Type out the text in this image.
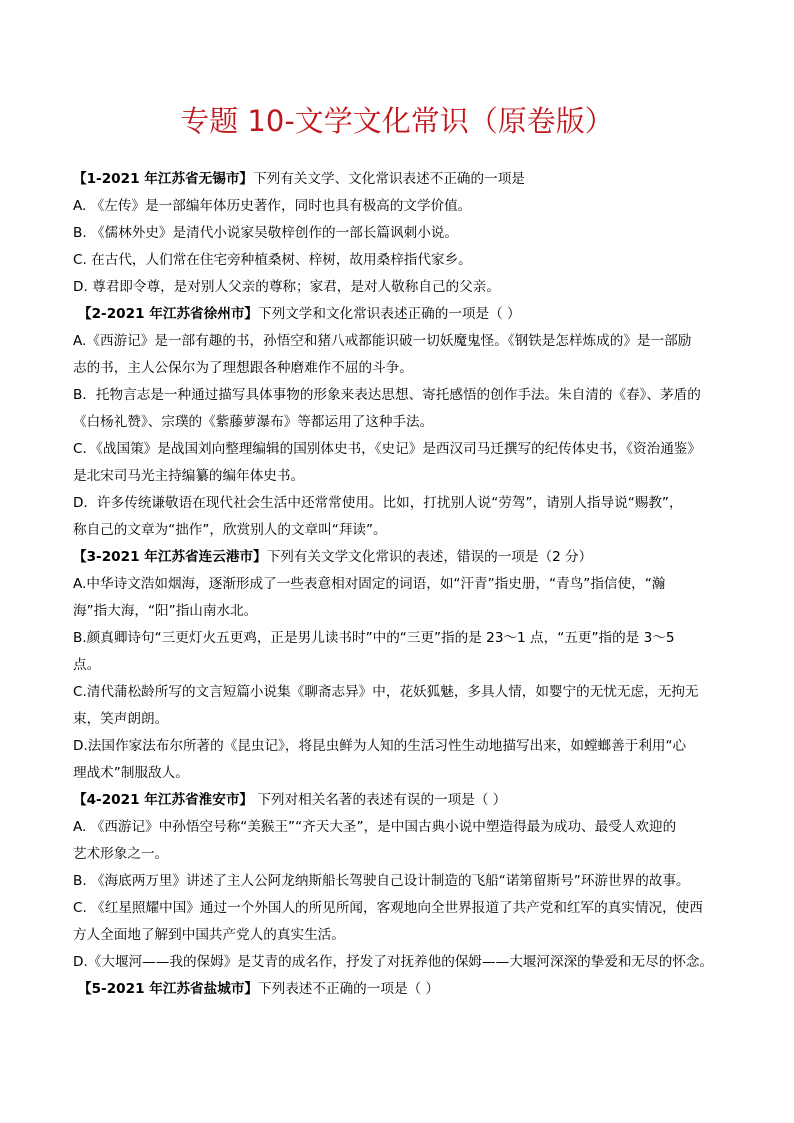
专题 10-文学文化常识（原卷版）
【1-2021 年江苏省无锡市】下列有关文学、文化常识表述不正确的一项是
A. 《左传》是一部编年体历史著作，同时也具有极高的文学价值。
B. 《儒林外史》是清代小说家吴敬梓创作的一部长篇讽刺小说。
C. 在古代，人们常在住宅旁种植桑树、梓树，故用桑梓指代家乡。
D. 尊君即令尊，是对别人父亲的尊称；家君，是对人敬称自己的父亲。
【2-2021 年江苏省徐州市】下列文学和文化常识表述正确的一项是（ ）
A.《西游记》是一部有趣的书，孙悟空和猪八戒都能识破一切妖魔鬼怪。《钢铁是怎样炼成的》是一部励
志的书，主人公保尔为了理想跟各种磨难作不屈的斗争。
B．托物言志是一种通过描写具体事物的形象来表达思想、寄托感悟的创作手法。朱自清的《春》、茅盾的
《白杨礼赞》、宗璞的《紫藤萝瀑布》等都运用了这种手法。
C．《战国策》是战国刘向整理编辑的国别体史书，《史记》是西汉司马迁撰写的纪传体史书，《资治通鉴》
是北宋司马光主持编纂的编年体史书。
D．许多传统谦敬语在现代社会生活中还常常使用。比如，打扰别人说“劳驾”，请别人指导说“赐教”，
称自己的文章为“拙作”，欣赏别人的文章叫“拜读”。
【3-2021 年江苏省连云港市】下列有关文学文化常识的表述，错误的一项是（2 分）
A.中华诗文浩如烟海，逐渐形成了一些表意相对固定的词语，如“汗青”指史册，“青鸟”指信使，“瀚
海”指大海，“阳”指山南水北。
B.颜真卿诗句“三更灯火五更鸡，正是男儿读书时”中的“三更”指的是 23～1 点，“五更”指的是 3～5
点。
C.清代蒲松龄所写的文言短篇小说集《聊斋志异》中，花妖狐魅，多具人情，如婴宁的无忧无虑，无拘无
束，笑声朗朗。
D.法国作家法布尔所著的《昆虫记》，将昆虫鲜为人知的生活习性生动地描写出来，如螳螂善于利用“心
理战术”制服敌人。
【4-2021 年江苏省淮安市】 下列对相关名著的表述有误的一项是（ ）
A. 《西游记》中孙悟空号称“美猴王”“齐天大圣”，是中国古典小说中塑造得最为成功、最受人欢迎的
艺术形象之一。
B. 《海底两万里》讲述了主人公阿龙纳斯船长驾驶自己设计制造的飞船“诺第留斯号”环游世界的故事。
C. 《红星照耀中国》通过一个外国人的所见所闻，客观地向全世界报道了共产党和红军的真实情况，使西
方人全面地了解到中国共产党人的真实生活。
D.《大堰河——我的保姆》是艾青的成名作，抒发了对抚养他的保姆——大堰河深深的挚爱和无尽的怀念。
【5-2021 年江苏省盐城市】下列表述不正确的一项是（ ）
